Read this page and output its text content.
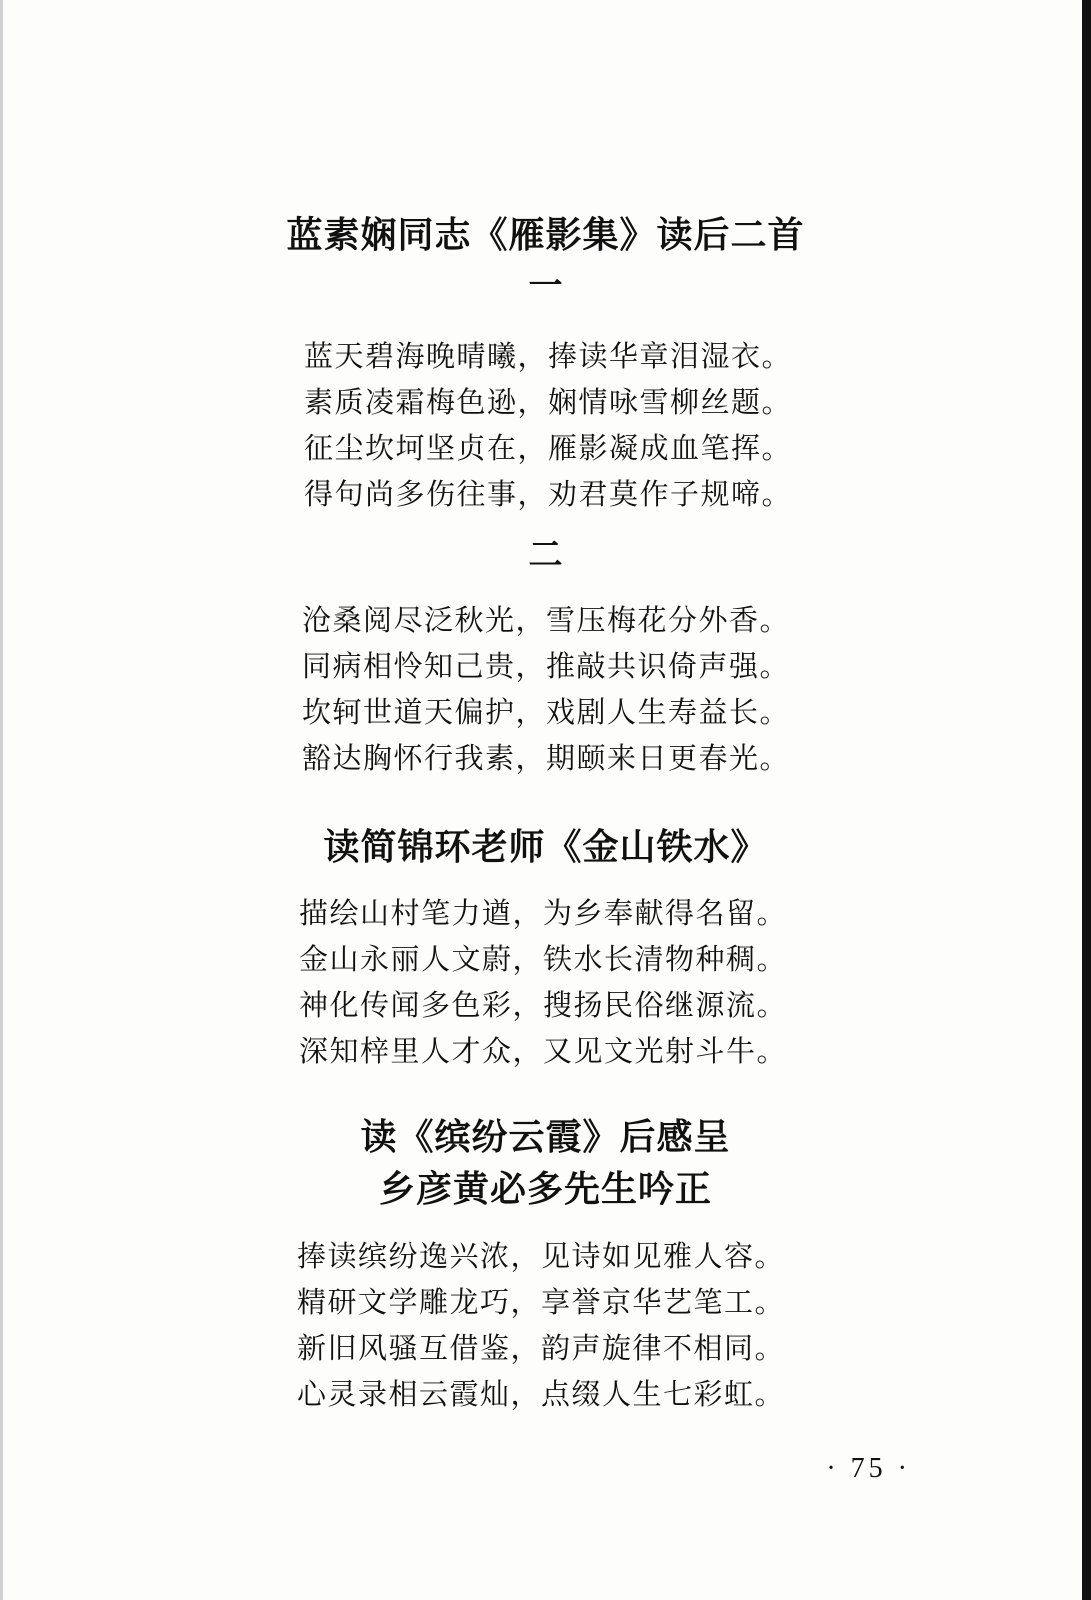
蓝素娴同志《雁影集》读后二首
一
蓝天碧海晚晴曦，捧读华章泪湿衣。
素质凌霜梅色逊，娴情咏雪柳丝题。
征尘坎坷坚贞在，雁影凝成血笔挥。
得句尚多伤往事，劝君莫作子规啼。
二
沧桑阅尽泛秋光，雪压梅花分外香。
同病相怜知己贵，推敲共识倚声强。
坎轲世道天偏护，戏剧人生寿益长。
豁达胸怀行我素，期颐来日更春光。
读简锦环老师《金山铁水》
描绘山村笔力遒，为乡奉献得名留。
金山永丽人文蔚，铁水长清物种稠。
神化传闻多色彩，搜扬民俗继源流。
深知梓里人才众，又见文光射斗牛。
读《缤纷云霞》后感呈
乡彦黄必多先生吟正
捧读缤纷逸兴浓，见诗如见雅人容。
精研文学雕龙巧，享誉京华艺笔工。
新旧风骚互借鉴，韵声旋律不相同。
心灵录相云霞灿，点缀人生七彩虹。
· 75 ·
